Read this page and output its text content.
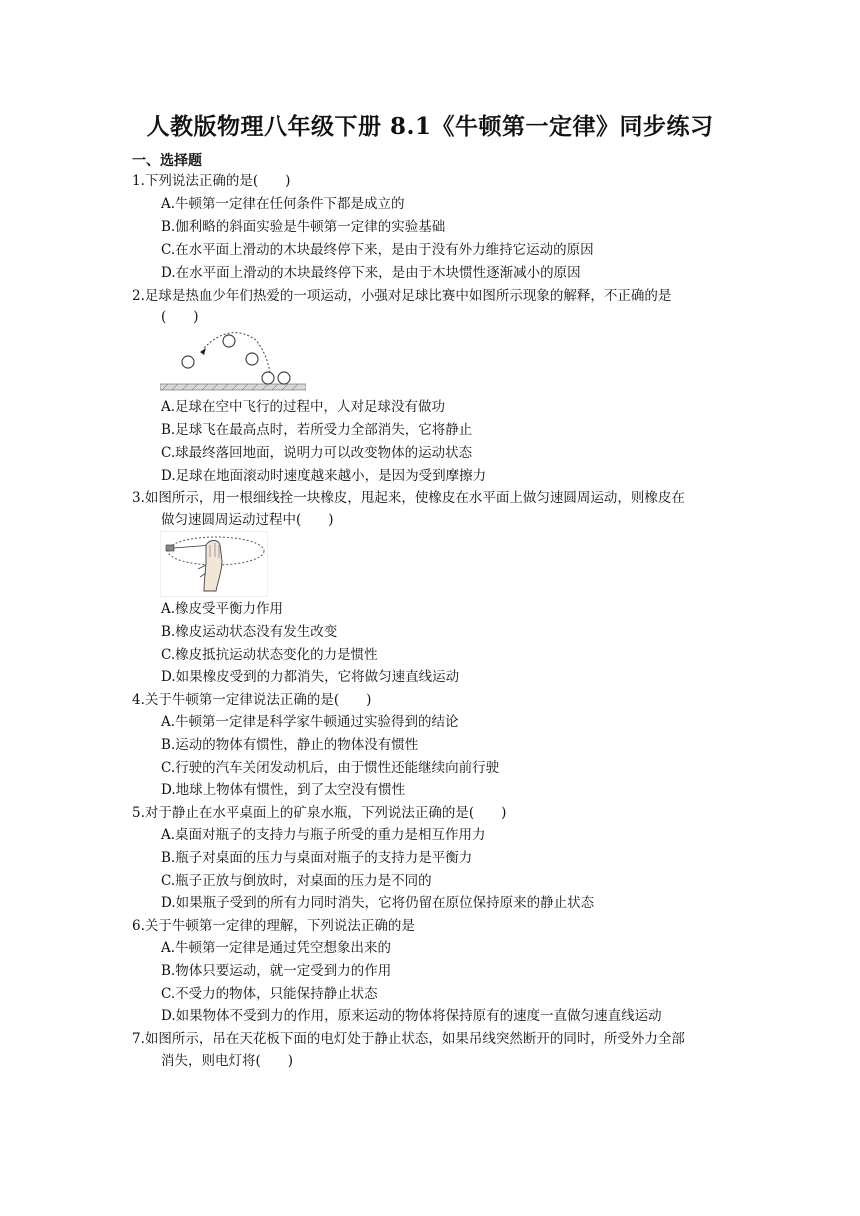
人教版物理八年级下册 8.1《牛顿第一定律》同步练习
一、选择题
1.下列说法正确的是(　　)
A.牛顿第一定律在任何条件下都是成立的
B.伽利略的斜面实验是牛顿第一定律的实验基础
C.在水平面上滑动的木块最终停下来，是由于没有外力维持它运动的原因
D.在水平面上滑动的木块最终停下来，是由于木块惯性逐渐减小的原因
2.足球是热血少年们热爱的一项运动，小强对足球比赛中如图所示现象的解释，不正确的是
(　　)
A.足球在空中飞行的过程中，人对足球没有做功
B.足球飞在最高点时，若所受力全部消失，它将静止
C.球最终落回地面，说明力可以改变物体的运动状态
D.足球在地面滚动时速度越来越小，是因为受到摩擦力
3.如图所示，用一根细线拴一块橡皮，甩起来，使橡皮在水平面上做匀速圆周运动，则橡皮在
做匀速圆周运动过程中(　　)
A.橡皮受平衡力作用
B.橡皮运动状态没有发生改变
C.橡皮抵抗运动状态变化的力是惯性
D.如果橡皮受到的力都消失，它将做匀速直线运动
4.关于牛顿第一定律说法正确的是(　　)
A.牛顿第一定律是科学家牛顿通过实验得到的结论
B.运动的物体有惯性，静止的物体没有惯性
C.行驶的汽车关闭发动机后，由于惯性还能继续向前行驶
D.地球上物体有惯性，到了太空没有惯性
5.对于静止在水平桌面上的矿泉水瓶，下列说法正确的是(　　)
A.桌面对瓶子的支持力与瓶子所受的重力是相互作用力
B.瓶子对桌面的压力与桌面对瓶子的支持力是平衡力
C.瓶子正放与倒放时，对桌面的压力是不同的
D.如果瓶子受到的所有力同时消失，它将仍留在原位保持原来的静止状态
6.关于牛顿第一定律的理解，下列说法正确的是
A.牛顿第一定律是通过凭空想象出来的
B.物体只要运动，就一定受到力的作用
C.不受力的物体，只能保持静止状态
D.如果物体不受到力的作用，原来运动的物体将保持原有的速度一直做匀速直线运动
7.如图所示，吊在天花板下面的电灯处于静止状态，如果吊线突然断开的同时，所受外力全部
消失，则电灯将(　　)
